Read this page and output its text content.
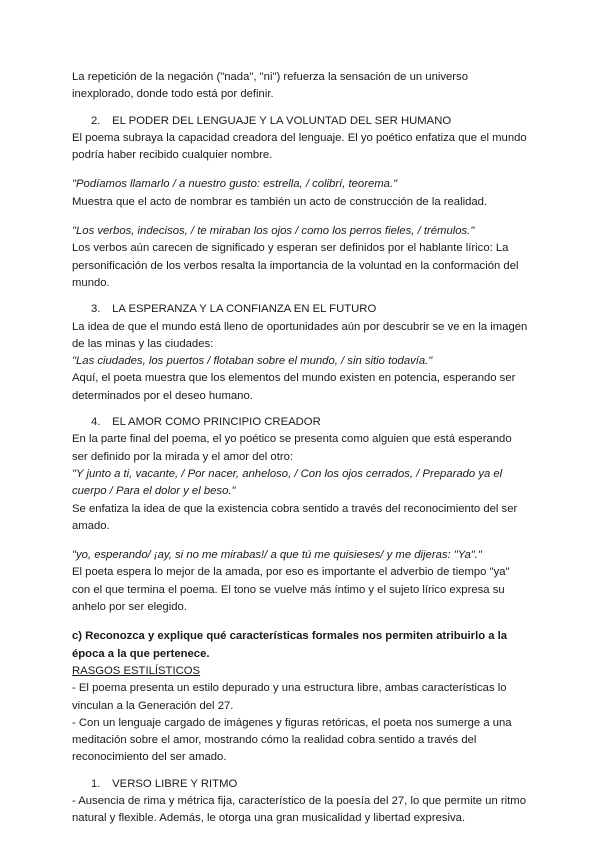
La repetición de la negación ("nada", "ni") refuerza la sensación de un universo inexplorado, donde todo está por definir.

2. EL PODER DEL LENGUAJE Y LA VOLUNTAD DEL SER HUMANO

El poema subraya la capacidad creadora del lenguaje. El yo poético enfatiza que el mundo podría haber recibido cualquier nombre.

"Podíamos llamarlo / a nuestro gusto: estrella, / colibrí, teorema."

Muestra que el acto de nombrar es también un acto de construcción de la realidad.

"Los verbos, indecisos, / te miraban los ojos / como los perros fieles, / trémulos."

Los verbos aún carecen de significado y esperan ser definidos por el hablante lírico: La personificación de los verbos resalta la importancia de la voluntad en la conformación del mundo.

3. LA ESPERANZA Y LA CONFIANZA EN EL FUTURO

La idea de que el mundo está lleno de oportunidades aún por descubrir se ve en la imagen de las minas y las ciudades:

"Las ciudades, los puertos / flotaban sobre el mundo, / sin sitio todavía."

Aquí, el poeta muestra que los elementos del mundo existen en potencia, esperando ser determinados por el deseo humano.

4. EL AMOR COMO PRINCIPIO CREADOR

En la parte final del poema, el yo poético se presenta como alguien que está esperando ser definido por la mirada y el amor del otro:

"Y junto a ti, vacante, / Por nacer, anheloso, / Con los ojos cerrados, / Preparado ya el cuerpo / Para el dolor y el beso."

Se enfatiza la idea de que la existencia cobra sentido a través del reconocimiento del ser amado.

"yo, esperando/ ¡ay, si no me mirabas!/ a que tú me quisieses/ y me dijeras: "Ya"."

El poeta espera lo mejor de la amada, por eso es importante el adverbio de tiempo "ya" con el que termina el poema. El tono se vuelve más íntimo y el sujeto lírico expresa su anhelo por ser elegido.

c) Reconozca y explique qué características formales nos permiten atribuirlo a la época a la que pertenece.

RASGOS ESTILÍSTICOS

- El poema presenta un estilo depurado y una estructura libre, ambas características lo vinculan a la Generación del 27.

- Con un lenguaje cargado de imágenes y figuras retóricas, el poeta nos sumerge a una meditación sobre el amor, mostrando cómo la realidad cobra sentido a través del reconocimiento del ser amado.

1. VERSO LIBRE Y RITMO

- Ausencia de rima y métrica fija, característico de la poesía del 27, lo que permite un ritmo natural y flexible. Además, le otorga una gran musicalidad y libertad expresiva.
